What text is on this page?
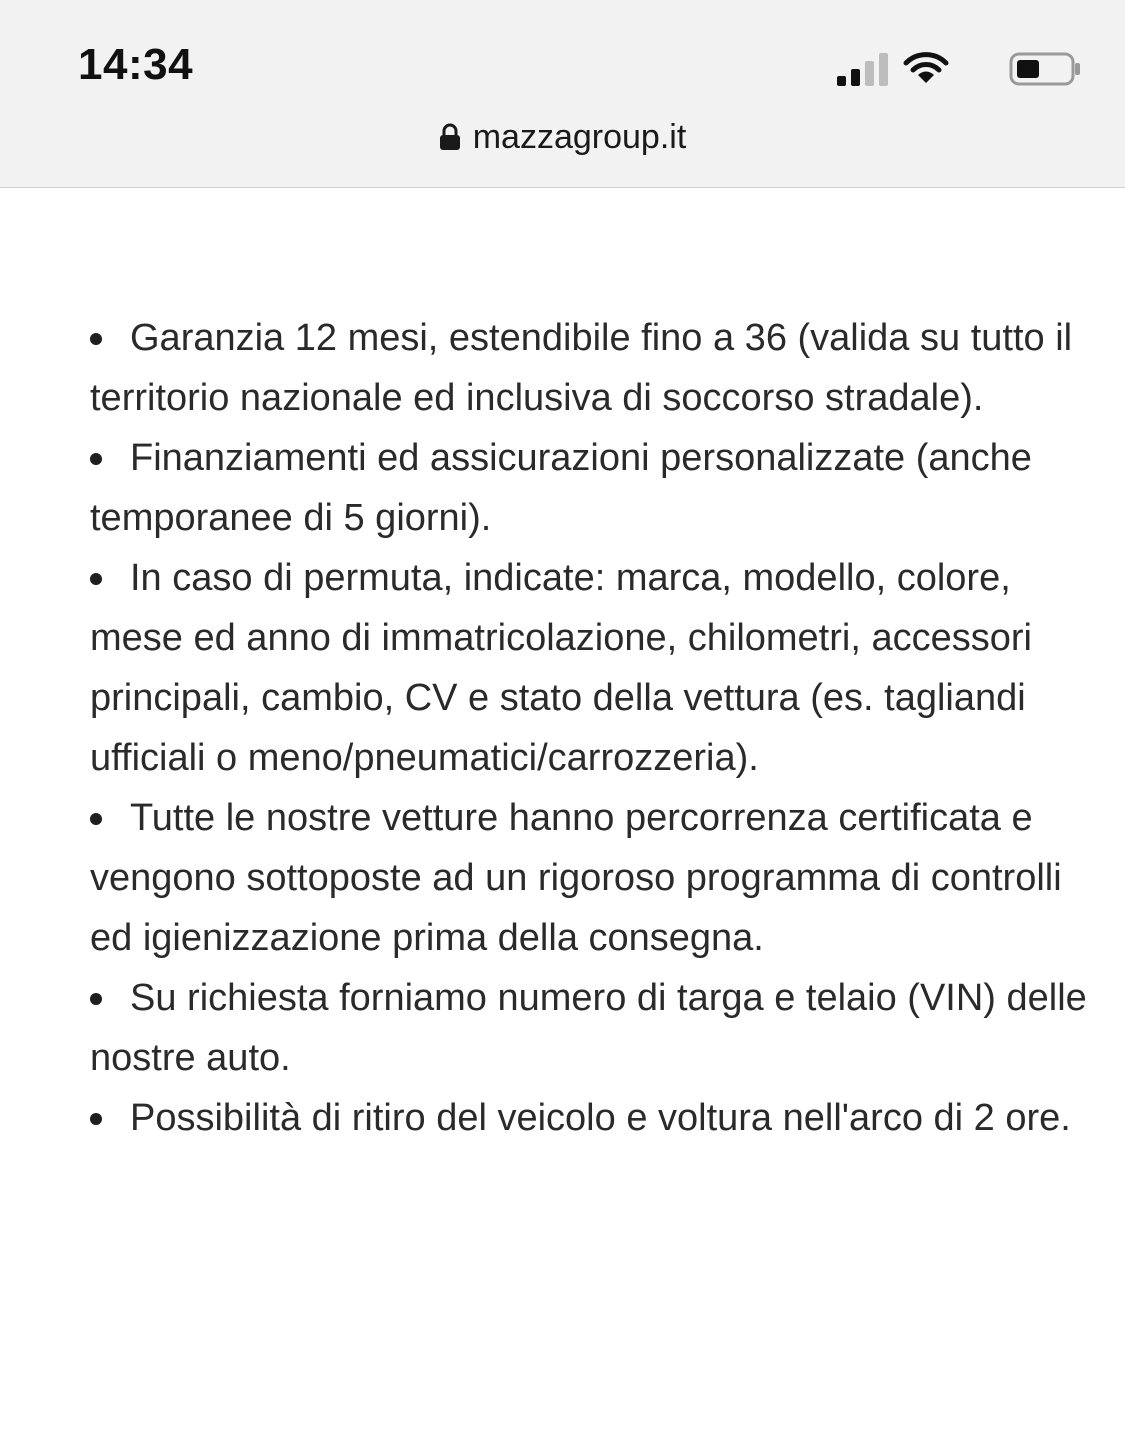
14:34
mazzagroup.it
Garanzia 12 mesi, estendibile fino a 36 (valida su tutto il territorio nazionale ed inclusiva di soccorso stradale).
Finanziamenti ed assicurazioni personalizzate (anche temporanee di 5 giorni).
In caso di permuta, indicate: marca, modello, colore, mese ed anno di immatricolazione, chilometri, accessori principali, cambio, CV e stato della vettura (es. tagliandi ufficiali o meno/pneumatici/carrozzeria).
Tutte le nostre vetture hanno percorrenza certificata e vengono sottoposte ad un rigoroso programma di controlli ed igienizzazione prima della consegna.
Su richiesta forniamo numero di targa e telaio (VIN) delle nostre auto.
Possibilità di ritiro del veicolo e voltura nell'arco di 2 ore.
